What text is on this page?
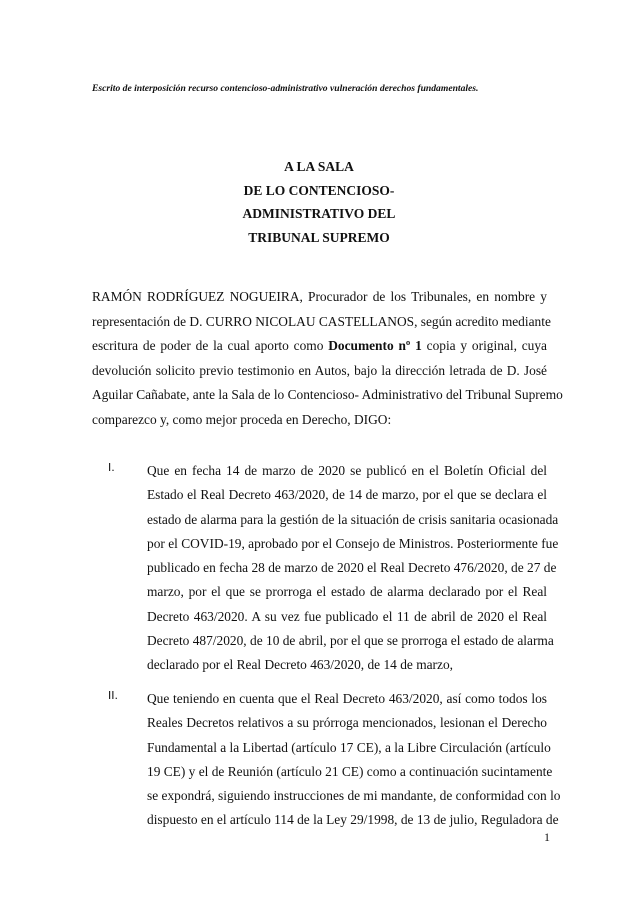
Escrito de interposición recurso contencioso-administrativo vulneración derechos fundamentales.
A LA SALA
DE LO CONTENCIOSO-
ADMINISTRATIVO DEL
TRIBUNAL SUPREMO
RAMÓN RODRÍGUEZ NOGUEIRA, Procurador de los Tribunales, en nombre y
representación de D. CURRO NICOLAU CASTELLANOS, según acredito mediante
escritura de poder de la cual aporto como Documento nº 1 copia y original, cuya
devolución solicito previo testimonio en Autos, bajo la dirección letrada de D. José
Aguilar Cañabate, ante la Sala de lo Contencioso- Administrativo del Tribunal Supremo
comparezco y, como mejor proceda en Derecho, DIGO:
I. Que en fecha 14 de marzo de 2020 se publicó en el Boletín Oficial del
Estado el Real Decreto 463/2020, de 14 de marzo, por el que se declara el
estado de alarma para la gestión de la situación de crisis sanitaria ocasionada
por el COVID-19, aprobado por el Consejo de Ministros. Posteriormente fue
publicado en fecha 28 de marzo de 2020 el Real Decreto 476/2020, de 27 de
marzo, por el que se prorroga el estado de alarma declarado por el Real
Decreto 463/2020. A su vez fue publicado el 11 de abril de 2020 el Real
Decreto 487/2020, de 10 de abril, por el que se prorroga el estado de alarma
declarado por el Real Decreto 463/2020, de 14 de marzo,
II. Que teniendo en cuenta que el Real Decreto 463/2020, así como todos los
Reales Decretos relativos a su prórroga mencionados, lesionan el Derecho
Fundamental a la Libertad (artículo 17 CE), a la Libre Circulación (artículo
19 CE) y el de Reunión (artículo 21 CE) como a continuación sucintamente
se expondrá, siguiendo instrucciones de mi mandante, de conformidad con lo
dispuesto en el artículo 114 de la Ley 29/1998, de 13 de julio, Reguladora de
1
